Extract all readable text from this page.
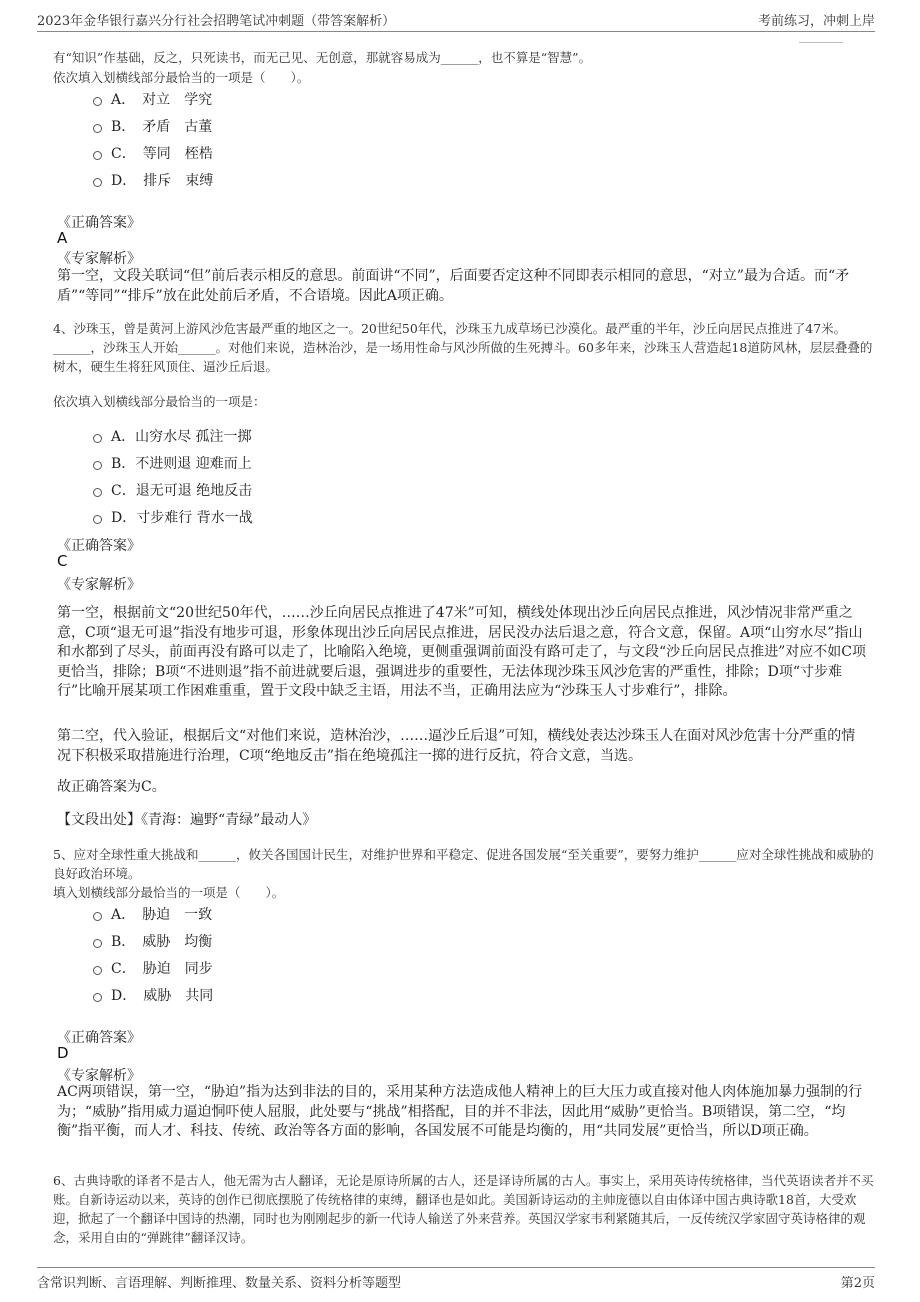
2023年金华银行嘉兴分行社会招聘笔试冲刺题（带答案解析）	考前练习，冲刺上岸

有“知识”作基础，反之，只死读书，而无己见、无创意，那就容易成为______，也不算是“智慧”。

依次填入划横线部分最恰当的一项是（　　）。

A．　对立　学究
B．　矛盾　古董
C．　等同　桎梏
D．　排斥　束缚

《正确答案》

A

《专家解析》

第一空，文段关联词“但”前后表示相反的意思。前面讲“不同”，后面要否定这种不同即表示相同的意思，“对立”最为合适。而“矛盾”“等同”“排斥”放在此处前后矛盾，不合语境。因此A项正确。

4、沙珠玉，曾是黄河上游风沙危害最严重的地区之一。20世纪50年代，沙珠玉九成草场已沙漠化。最严重的半年，沙丘向居民点推进了47米。______，沙珠玉人开始______。对他们来说，造林治沙，是一场用性命与风沙所做的生死搏斗。60多年来，沙珠玉人营造起18道防风林，层层叠叠的树木，硬生生将狂风顶住、逼沙丘后退。

依次填入划横线部分最恰当的一项是：

A．山穷水尽 孤注一掷
B．不进则退 迎难而上
C．退无可退 绝地反击
D．寸步难行 背水一战

《正确答案》

C

《专家解析》

第一空，根据前文“20世纪50年代，……沙丘向居民点推进了47米”可知，横线处体现出沙丘向居民点推进，风沙情况非常严重之意，C项“退无可退”指没有地步可退，形象体现出沙丘向居民点推进，居民没办法后退之意，符合文意，保留。A项“山穷水尽”指山和水都到了尽头，前面再没有路可以走了，比喻陷入绝境，更侧重强调前面没有路可走了，与文段“沙丘向居民点推进”对应不如C项更恰当，排除；B项“不进则退”指不前进就要后退，强调进步的重要性，无法体现沙珠玉风沙危害的严重性，排除；D项“寸步难行”比喻开展某项工作困难重重，置于文段中缺乏主语，用法不当，正确用法应为“沙珠玉人寸步难行”，排除。

第二空，代入验证，根据后文“对他们来说，造林治沙，……逼沙丘后退”可知，横线处表达沙珠玉人在面对风沙危害十分严重的情况下积极采取措施进行治理，C项“绝地反击”指在绝境孤注一掷的进行反抗，符合文意，当选。

故正确答案为C。

【文段出处】《青海：遍野“青绿”最动人》

5、应对全球性重大挑战和______，攸关各国国计民生，对维护世界和平稳定、促进各国发展“至关重要”，要努力维护______应对全球性挑战和威胁的良好政治环境。

填入划横线部分最恰当的一项是（　　）。

A．　胁迫　一致
B．　威胁　均衡
C．　胁迫　同步
D．　威胁　共同

《正确答案》

D

《专家解析》

AC两项错误，第一空，“胁迫”指为达到非法的目的，采用某种方法造成他人精神上的巨大压力或直接对他人肉体施加暴力强制的行为；“威胁”指用威力逼迫恫吓使人屈服，此处要与“挑战”相搭配，目的并不非法，因此用“威胁”更恰当。B项错误，第二空，“均衡”指平衡，而人才、科技、传统、政治等各方面的影响，各国发展不可能是均衡的，用“共同发展”更恰当，所以D项正确。

6、古典诗歌的译者不是古人，他无需为古人翻译，无论是原诗所属的古人，还是译诗所属的古人。事实上，采用英诗传统格律，当代英语读者并不买账。自新诗运动以来，英诗的创作已彻底摆脱了传统格律的束缚，翻译也是如此。美国新诗运动的主帅庞德以自由体译中国古典诗歌18首，大受欢迎，掀起了一个翻译中国诗的热潮，同时也为刚刚起步的新一代诗人输送了外来营养。英国汉学家韦利紧随其后，一反传统汉学家固守英诗格律的观念，采用自由的“弹跳律”翻译汉诗。

含常识判断、言语理解、判断推理、数量关系、资料分析等题型	第2页
